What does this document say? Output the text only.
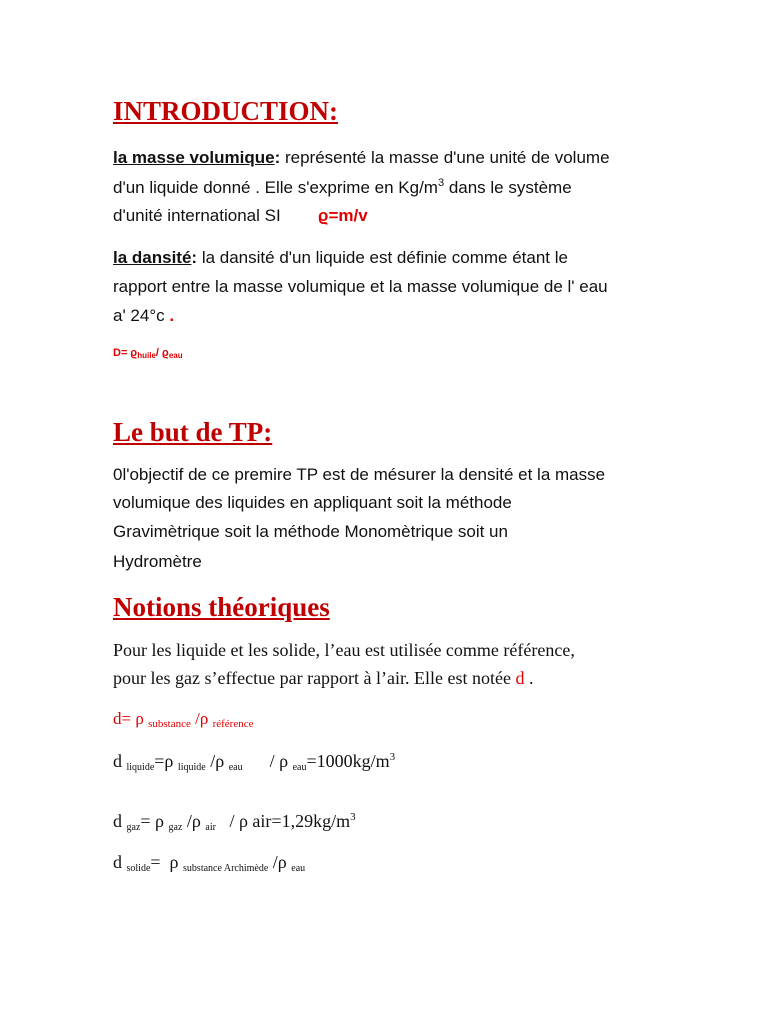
INTRODUCTION:
la masse volumique: représenté la masse d'une unité de volume
d'un liquide donné . Elle s'exprime en $Kg/m^3$ dans le système
d'unité international SI ϱ=m/v
la dansité: la dansité d'un liquide est définie comme étant le
rapport entre la masse volumique et la masse volumique de l' eau
a' 24°c .
D= ϱhuile/ ϱeau
Le but de TP:
0l'objectif de ce premire TP est de mésurer la densité et la masse
volumique des liquides en appliquant soit la méthode
Gravimètrique soit la méthode Monomètrique soit un
Hydromètre
Notions théoriques
Pour les liquide et les solide, l’eau est utilisée comme référence,
pour les gaz s’effectue par rapport à l’air. Elle est notée d .
d= ρ substance /ρ référence
d $_{liquide}$=ρ $_{liquide}$ /ρ $_{eau}$      / ρ $_{eau}=1000kg/m^3$
d $_{gaz}$= ρ $_{gaz}$ /ρ $_{air}$   / ρ $air=1,29kg/m^3$
d $_{solide}$=  ρ $_{substance Archimède}$ /ρ $_{eau}$
